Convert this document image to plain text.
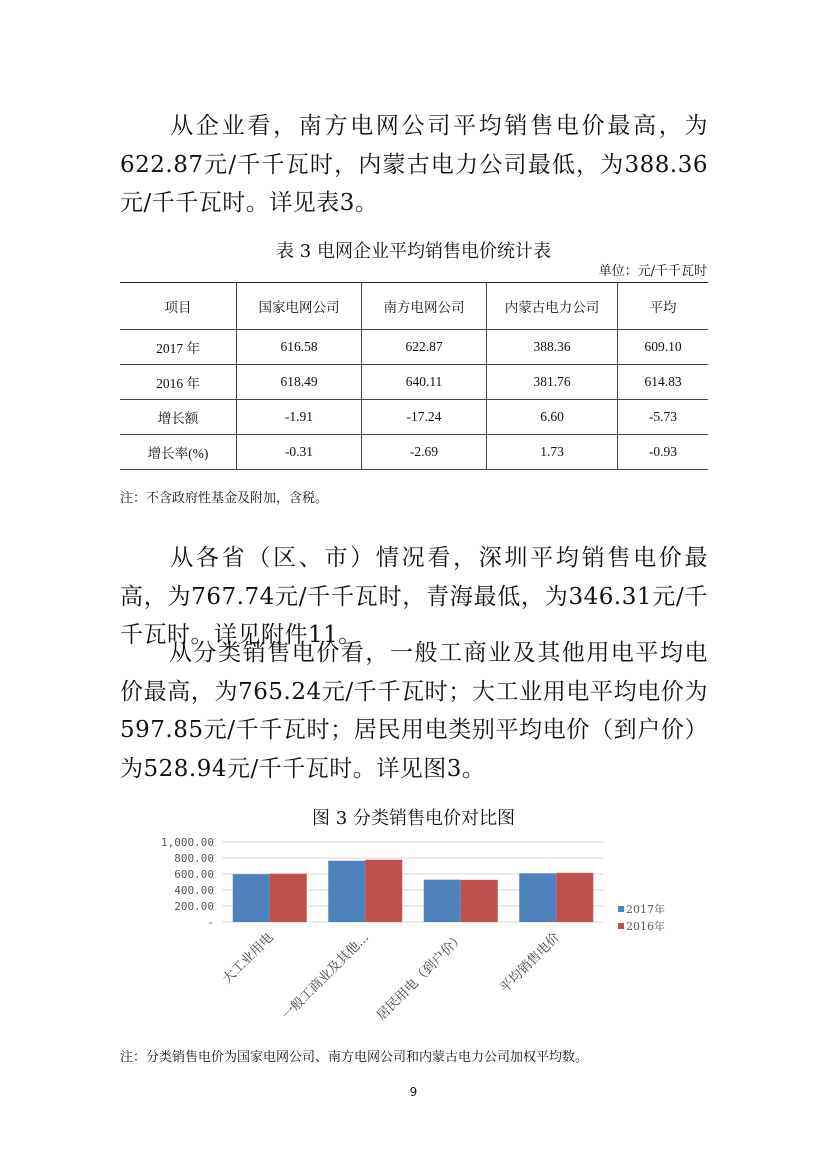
从企业看，南方电网公司平均销售电价最高，为622.87元/千千瓦时，内蒙古电力公司最低，为388.36元/千千瓦时。详见表3。

表 3 电网企业平均销售电价统计表
单位：元/千千瓦时
项目	国家电网公司	南方电网公司	内蒙古电力公司	平均
2017 年	616.58	622.87	388.36	609.10
2016 年	618.49	640.11	381.76	614.83
增长额	-1.91	-17.24	6.60	-5.73
增长率(%)	-0.31	-2.69	1.73	-0.93
注：不含政府性基金及附加，含税。

从各省（区、市）情况看，深圳平均销售电价最高，为767.74元/千千瓦时，青海最低，为346.31元/千千瓦时。详见附件11。

从分类销售电价看，一般工商业及其他用电平均电价最高，为765.24元/千千瓦时；大工业用电平均电价为597.85元/千千瓦时；居民用电类别平均电价（到户价）为528.94元/千千瓦时。详见图3。

图 3 分类销售电价对比图
1,000.00
800.00
600.00
400.00
200.00
-
大工业用电 一般工商业及其他... 居民用电（到户价） 平均销售电价
2017年
2016年
注：分类销售电价为国家电网公司、南方电网公司和内蒙古电力公司加权平均数。
9
